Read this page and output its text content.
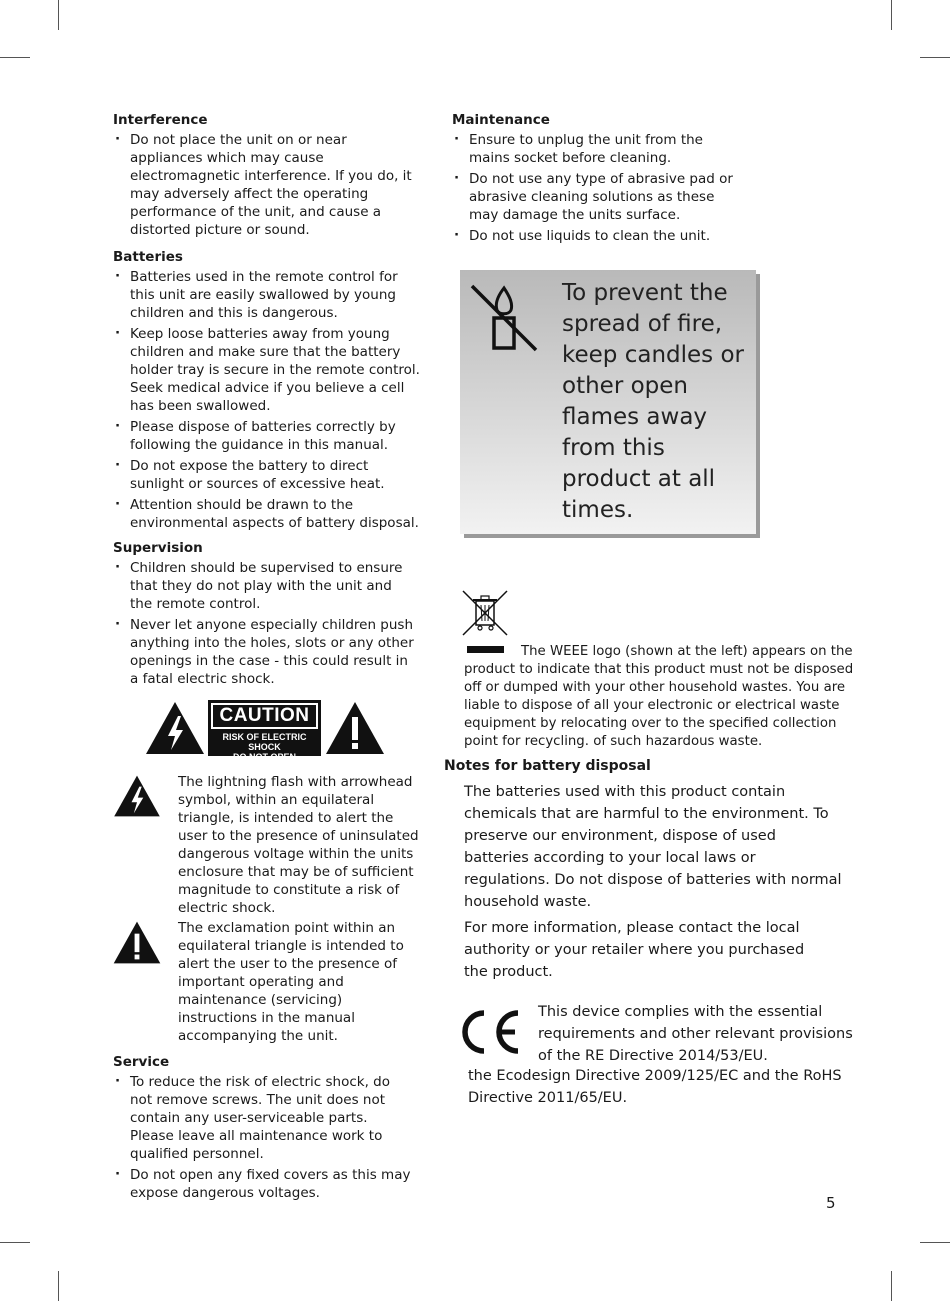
Interference
· Do not place the unit on or near appliances which may cause electromagnetic interference. If you do, it may adversely affect the operating performance of the unit, and cause a distorted picture or sound.
Batteries
· Batteries used in the remote control for this unit are easily swallowed by young children and this is dangerous.
· Keep loose batteries away from young children and make sure that the battery holder tray is secure in the remote control. Seek medical advice if you believe a cell has been swallowed.
· Please dispose of batteries correctly by following the guidance in this manual.
· Do not expose the battery to direct sunlight or sources of excessive heat.
· Attention should be drawn to the environmental aspects of battery disposal.
Supervision
· Children should be supervised to ensure that they do not play with the unit and the remote control.
· Never let anyone especially children push anything into the holes, slots or any other openings in the case - this could result in a fatal electric shock.
CAUTION
RISK OF ELECTRIC SHOCK
DO NOT OPEN

The lightning flash with arrowhead symbol, within an equilateral triangle, is intended to alert the user to the presence of uninsulated dangerous voltage within the units enclosure that may be of sufficient magnitude to constitute a risk of electric shock.

The exclamation point within an equilateral triangle is intended to alert the user to the presence of important operating and maintenance (servicing) instructions in the manual accompanying the unit.

Service
· To reduce the risk of electric shock, do not remove screws. The unit does not contain any user-serviceable parts. Please leave all maintenance work to qualified personnel.
· Do not open any fixed covers as this may expose dangerous voltages.
Maintenance
· Ensure to unplug the unit from the mains socket before cleaning.
· Do not use any type of abrasive pad or abrasive cleaning solutions as these may damage the units surface.
· Do not use liquids to clean the unit.

To prevent the spread of fire, keep candles or other open flames away from this product at all times.

The WEEE logo (shown at the left) appears on the product to indicate that this product must not be disposed off or dumped with your other household wastes. You are liable to dispose of all your electronic or electrical waste equipment by relocating over to the specified collection point for recycling. of such hazardous waste.

Notes for battery disposal

The batteries used with this product contain chemicals that are harmful to the environment. To preserve our environment, dispose of used batteries according to your local laws or regulations. Do not dispose of batteries with normal household waste.

For more information, please contact the local authority or your retailer where you purchased the product.

This device complies with the essential requirements and other relevant provisions of the RE Directive 2014/53/EU.

the Ecodesign Directive 2009/125/EC and the RoHS Directive 2011/65/EU.

5
